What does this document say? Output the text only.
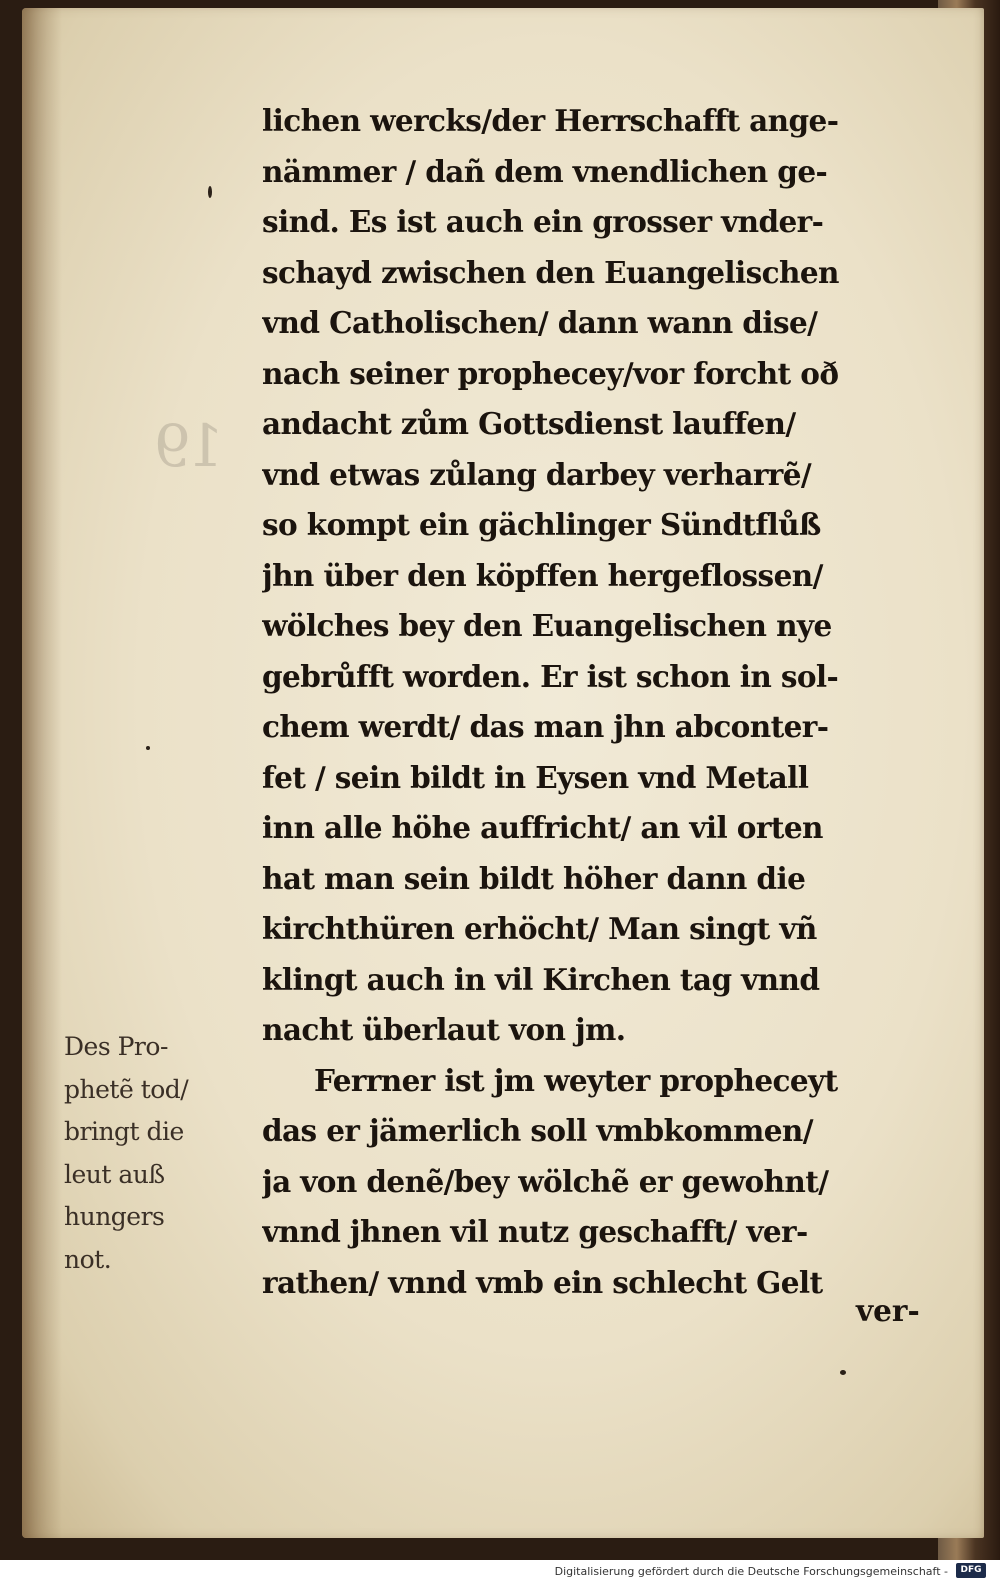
19
lichen wercks/der Herrschafft ange-
nämmer / dañ dem vnendlichen ge-
sind. Es ist auch ein grosser vnder-
schayd zwischen den Euangelischen
vnd Catholischen/ dann wann dise/
nach seiner prophecey/vor forcht oð
andacht zům Gottsdienst lauffen/
vnd etwas zůlang darbey verharrẽ/
so kompt ein gächlinger Sündtflůß
jhn über den köpffen hergeflossen/
wölches bey den Euangelischen nye
gebrůfft worden. Er ist schon in sol-
chem werdt/ das man jhn abconter-
fet / sein bildt in Eysen vnd Metall
inn alle höhe auffricht/ an vil orten
hat man sein bildt höher dann die
kirchthüren erhöcht/ Man singt vñ
klingt auch in vil Kirchen tag vnnd
nacht überlaut von jm.
Ferrner ist jm weyter propheceyt
das er jämerlich soll vmbkommen/
ja von denẽ/bey wölchẽ er gewohnt/
vnnd jhnen vil nutz geschafft/ ver-
rathen/ vnnd vmb ein schlecht Gelt
ver-
Des Pro-
phetẽ tod/
bringt die
leut auß
hungers
not.
Digitalisierung gefördert durch die Deutsche Forschungsgemeinschaft -	DFG
